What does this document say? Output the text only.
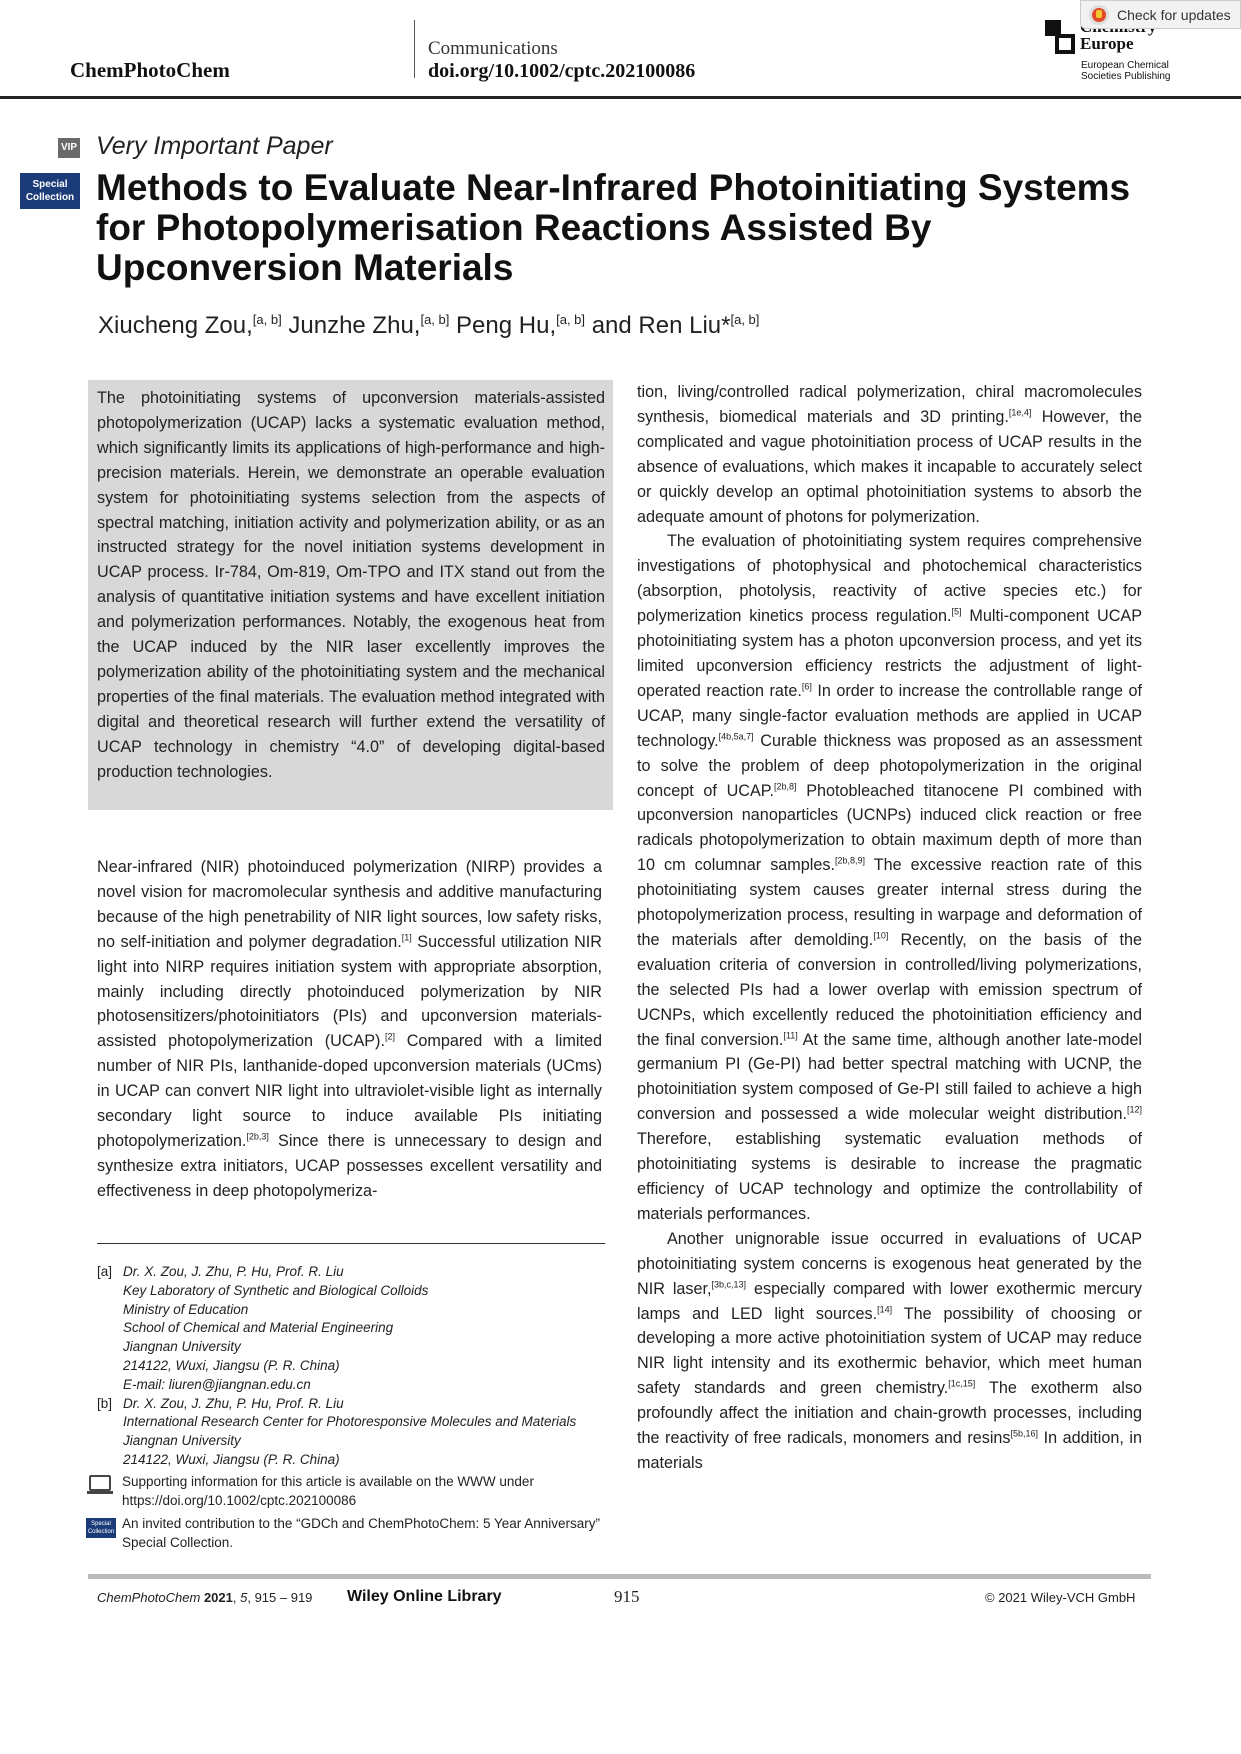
ChemPhotoChem
Communications
doi.org/10.1002/cptc.202100086
Europe
European Chemical
Societies Publishing
Check for updates
VIP
Special
Collection
Very Important Paper
Methods to Evaluate Near-Infrared Photoinitiating Systems for Photopolymerisation Reactions Assisted By Upconversion Materials
Xiucheng Zou,[a, b] Junzhe Zhu,[a, b] Peng Hu,[a, b] and Ren Liu*[a, b]
The photoinitiating systems of upconversion materials-assisted photopolymerization (UCAP) lacks a systematic evaluation method, which significantly limits its applications of high-performance and high-precision materials. Herein, we demonstrate an operable evaluation system for photoinitiating systems selection from the aspects of spectral matching, initiation activity and polymerization ability, or as an instructed strategy for the novel initiation systems development in UCAP process. Ir-784, Om-819, Om-TPO and ITX stand out from the analysis of quantitative initiation systems and have excellent initiation and polymerization performances. Notably, the exogenous heat from the UCAP induced by the NIR laser excellently improves the polymerization ability of the photoinitiating system and the mechanical properties of the final materials. The evaluation method integrated with digital and theoretical research will further extend the versatility of UCAP technology in chemistry “4.0” of developing digital-based production technologies.

Near-infrared (NIR) photoinduced polymerization (NIRP) provides a novel vision for macromolecular synthesis and additive manufacturing because of the high penetrability of NIR light sources, low safety risks, no self-initiation and polymer degradation.[1] Successful utilization NIR light into NIRP requires initiation system with appropriate absorption, mainly including directly photoinduced polymerization by NIR photosensitizers/photoinitiators (PIs) and upconversion materials-assisted photopolymerization (UCAP).[2] Compared with a limited number of NIR PIs, lanthanide-doped upconversion materials (UCms) in UCAP can convert NIR light into ultraviolet-visible light as internally secondary light source to induce available PIs initiating photopolymerization.[2b,3] Since there is unnecessary to design and synthesize extra initiators, UCAP possesses excellent versatility and effectiveness in deep photopolymeriza-

tion, living/controlled radical polymerization, chiral macromolecules synthesis, biomedical materials and 3D printing.[1e,4] However, the complicated and vague photoinitiation process of UCAP results in the absence of evaluations, which makes it incapable to accurately select or quickly develop an optimal photoinitiation systems to absorb the adequate amount of photons for polymerization.

The evaluation of photoinitiating system requires comprehensive investigations of photophysical and photochemical characteristics (absorption, photolysis, reactivity of active species etc.) for polymerization kinetics process regulation.[5] Multi-component UCAP photoinitiating system has a photon upconversion process, and yet its limited upconversion efficiency restricts the adjustment of light-operated reaction rate.[6] In order to increase the controllable range of UCAP, many single-factor evaluation methods are applied in UCAP technology.[4b,5a,7] Curable thickness was proposed as an assessment to solve the problem of deep photopolymerization in the original concept of UCAP.[2b,8] Photobleached titanocene PI combined with upconversion nanoparticles (UCNPs) induced click reaction or free radicals photopolymerization to obtain maximum depth of more than 10 cm columnar samples.[2b,8,9] The excessive reaction rate of this photoinitiating system causes greater internal stress during the photopolymerization process, resulting in warpage and deformation of the materials after demolding.[10] Recently, on the basis of the evaluation criteria of conversion in controlled/living polymerizations, the selected PIs had a lower overlap with emission spectrum of UCNPs, which excellently reduced the photoinitiation efficiency and the final conversion.[11] At the same time, although another late-model germanium PI (Ge-PI) had better spectral matching with UCNP, the photoinitiation system composed of Ge-PI still failed to achieve a high conversion and possessed a wide molecular weight distribution.[12] Therefore, establishing systematic evaluation methods of photoinitiating systems is desirable to increase the pragmatic efficiency of UCAP technology and optimize the controllability of materials performances.

Another unignorable issue occurred in evaluations of UCAP photoinitiating system concerns is exogenous heat generated by the NIR laser,[3b,c,13] especially compared with lower exothermic mercury lamps and LED light sources.[14] The possibility of choosing or developing a more active photoinitiation system of UCAP may reduce NIR light intensity and its exothermic behavior, which meet human safety standards and green chemistry.[1c,15] The exotherm also profoundly affect the initiation and chain-growth processes, including the reactivity of free radicals, monomers and resins[5b,16] In addition, in materials

[a] Dr. X. Zou, J. Zhu, P. Hu, Prof. R. Liu
Key Laboratory of Synthetic and Biological Colloids
Ministry of Education
School of Chemical and Material Engineering
Jiangnan University
214122, Wuxi, Jiangsu (P. R. China)
E-mail: liuren@jiangnan.edu.cn
[b] Dr. X. Zou, J. Zhu, P. Hu, Prof. R. Liu
International Research Center for Photoresponsive Molecules and Materials
Jiangnan University
214122, Wuxi, Jiangsu (P. R. China)
Supporting information for this article is available on the WWW under https://doi.org/10.1002/cptc.202100086
Special Collection
An invited contribution to the “GDCh and ChemPhotoChem: 5 Year Anniversary” Special Collection.
ChemPhotoChem 2021, 5, 915 – 919 Wiley Online Library	915	© 2021 Wiley-VCH GmbH
